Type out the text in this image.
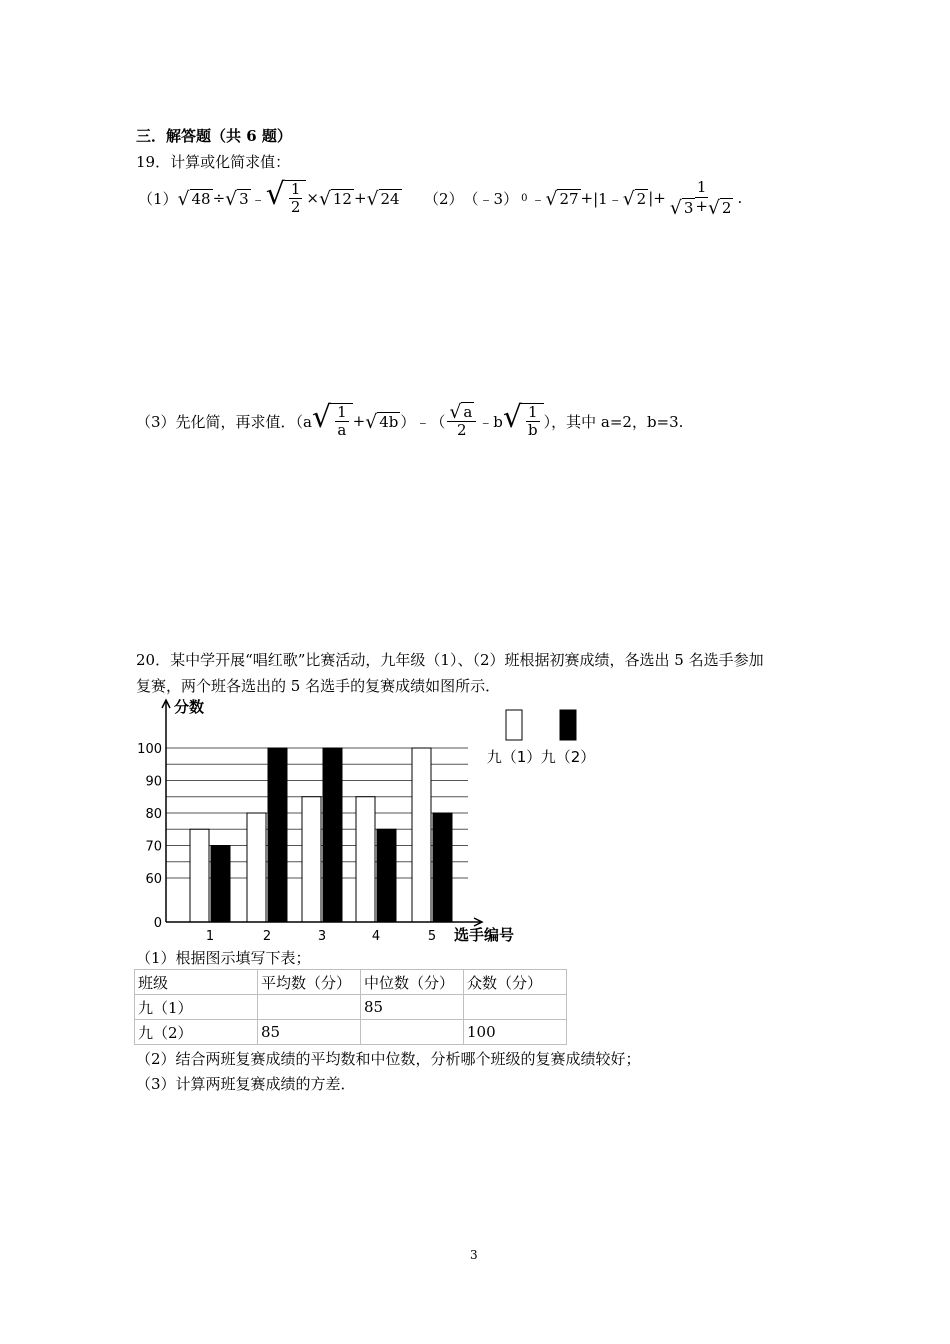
三．解答题（共 6 题）
19．计算或化简求值：
（1） √ 48 ÷ √ 3 ﹣ √ $\frac{1}{2}$ × √ 12 + √ 24 （2） （﹣3） 0 ﹣ √ 27 + |1﹣ √ 2 | + $\frac{1}{√ 3 + √ 2}$ .
（3）先化简，再求值．（a √ $\frac{1}{a}$ + √ 4b ）﹣（ $\frac{√ a}{2}$ ﹣b √ $\frac{1}{b}$ ），其中 a=2，b=3.
20．某中学开展“唱红歌”比赛活动，九年级（1）、（2）班根据初赛成绩，各选出 5 名选手参加
复赛，两个班各选出的 5 名选手的复赛成绩如图所示．
0
60
70
80
90
100
1	2	3	4	5
分数
选手编号
九（1） 九（2）
（1）根据图示填写下表；
班级	平均数（分）	中位数（分）	众数（分）
九（1）		85	
九（2）	85		100
（2）结合两班复赛成绩的平均数和中位数，分析哪个班级的复赛成绩较好；
（3）计算两班复赛成绩的方差．
3
